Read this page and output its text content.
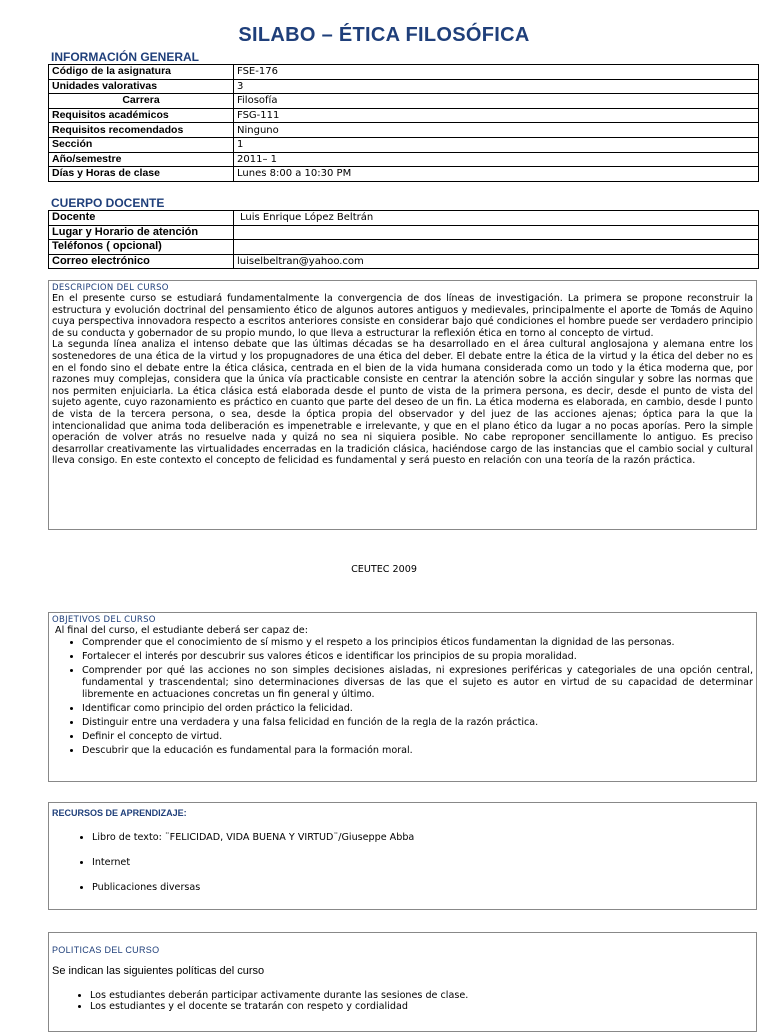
SILABO – ÉTICA FILOSÓFICA
INFORMACIÓN GENERAL
Código de la asignatura	FSE-176
Unidades valorativas	3
Carrera	Filosofía
Requisitos académicos	FSG-111
Requisitos recomendados	Ninguno
Sección	1
Año/semestre	2011– 1
Días y Horas de clase	Lunes 8:00 a 10:30 PM
CUERPO DOCENTE
Docente	Luis Enrique López Beltrán
Lugar y Horario de atención	
Teléfonos ( opcional)	
Correo electrónico	luiselbeltran@yahoo.com
DESCRIPCION DEL CURSO

En el presente curso se estudiará fundamentalmente la convergencia de dos líneas de investigación. La primera se propone reconstruir la estructura y evolución doctrinal del pensamiento ético de algunos autores antiguos y medievales, principalmente el aporte de Tomás de Aquino cuya perspectiva innovadora respecto a escritos anteriores consiste en considerar bajo qué condiciones el hombre puede ser verdadero principio de su conducta y gobernador de su propio mundo, lo que lleva a estructurar la reflexión ética en torno al concepto de virtud.

La segunda línea analiza el intenso debate que las últimas décadas se ha desarrollado en el área cultural anglosajona y alemana entre los sostenedores de una ética de la virtud y los propugnadores de una ética del deber. El debate entre la ética de la virtud y la ética del deber no es en el fondo sino el debate entre la ética clásica, centrada en el bien de la vida humana considerada como un todo y la ética moderna que, por razones muy complejas, considera que la única vía practicable consiste en centrar la atención sobre la acción singular y sobre las normas que nos permiten enjuiciarla. La ética clásica está elaborada desde el punto de vista de la primera persona, es decir, desde el punto de vista del sujeto agente, cuyo razonamiento es práctico en cuanto que parte del deseo de un fin. La ética moderna es elaborada, en cambio, desde l punto de vista de la tercera persona, o sea, desde la óptica propia del observador y del juez de las acciones ajenas; óptica para la que la intencionalidad que anima toda deliberación es impenetrable e irrelevante, y que en el plano ético da lugar a no pocas aporías. Pero la simple operación de volver atrás no resuelve nada y quizá no sea ni siquiera posible. No cabe reproponer sencillamente lo antiguo. Es preciso desarrollar creativamente las virtualidades encerradas en la tradición clásica, haciéndose cargo de las instancias que el cambio social y cultural lleva consigo. En este contexto el concepto de felicidad es fundamental y será puesto en relación con una teoría de la razón práctica.

CEUTEC 2009
OBJETIVOS DEL CURSO
Al final del curso, el estudiante deberá ser capaz de:
• Comprender que el conocimiento de sí mismo y el respeto a los principios éticos fundamentan la dignidad de las personas.
• Fortalecer el interés por descubrir sus valores éticos e identificar los principios de su propia moralidad.
• Comprender por qué las acciones no son simples decisiones aisladas, ni expresiones periféricas y categoriales de una opción central, fundamental y trascendental; sino determinaciones diversas de las que el sujeto es autor en virtud de su capacidad de determinar libremente en actuaciones concretas un fin general y último.
• Identificar como principio del orden práctico la felicidad.
• Distinguir entre una verdadera y una falsa felicidad en función de la regla de la razón práctica.
• Definir el concepto de virtud.
• Descubrir que la educación es fundamental para la formación moral.
RECURSOS DE APRENDIZAJE:
• Libro de texto: ¨FELICIDAD, VIDA BUENA Y VIRTUD¨/Giuseppe Abba
• Internet
• Publicaciones diversas
POLITICAS DEL CURSO
Se indican las siguientes políticas del curso
• Los estudiantes deberán participar activamente durante las sesiones de clase.
• Los estudiantes y el docente se tratarán con respeto y cordialidad
